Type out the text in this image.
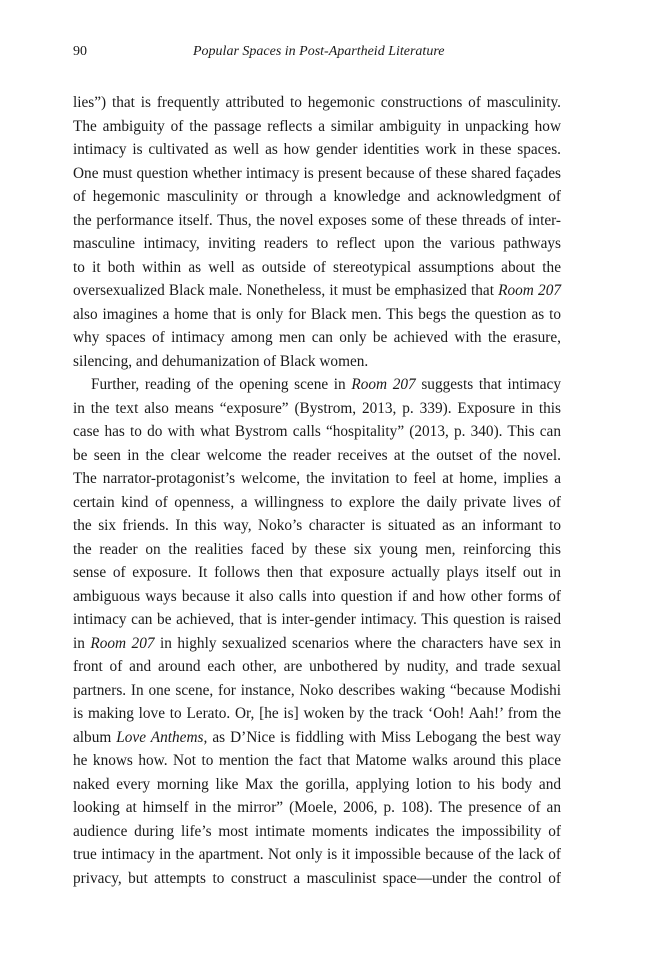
90	Popular Spaces in Post-Apartheid Literature
lies”) that is frequently attributed to hegemonic constructions of masculinity.
The ambiguity of the passage reflects a similar ambiguity in unpacking how
intimacy is cultivated as well as how gender identities work in these spaces.
One must question whether intimacy is present because of these shared façades
of hegemonic masculinity or through a knowledge and acknowledgment of
the performance itself. Thus, the novel exposes some of these threads of inter-
masculine intimacy, inviting readers to reflect upon the various pathways
to it both within as well as outside of stereotypical assumptions about the
oversexualized Black male. Nonetheless, it must be emphasized that Room 207
also imagines a home that is only for Black men. This begs the question as to
why spaces of intimacy among men can only be achieved with the erasure,
silencing, and dehumanization of Black women.
Further, reading of the opening scene in Room 207 suggests that intimacy
in the text also means “exposure” (Bystrom, 2013, p. 339). Exposure in this
case has to do with what Bystrom calls “hospitality” (2013, p. 340). This can
be seen in the clear welcome the reader receives at the outset of the novel.
The narrator-protagonist’s welcome, the invitation to feel at home, implies a
certain kind of openness, a willingness to explore the daily private lives of
the six friends. In this way, Noko’s character is situated as an informant to
the reader on the realities faced by these six young men, reinforcing this
sense of exposure. It follows then that exposure actually plays itself out in
ambiguous ways because it also calls into question if and how other forms of
intimacy can be achieved, that is inter-gender intimacy. This question is raised
in Room 207 in highly sexualized scenarios where the characters have sex in
front of and around each other, are unbothered by nudity, and trade sexual
partners. In one scene, for instance, Noko describes waking “because Modishi
is making love to Lerato. Or, [he is] woken by the track ‘Ooh! Aah!’ from the
album Love Anthems, as D’Nice is fiddling with Miss Lebogang the best way
he knows how. Not to mention the fact that Matome walks around this place
naked every morning like Max the gorilla, applying lotion to his body and
looking at himself in the mirror” (Moele, 2006, p. 108). The presence of an
audience during life’s most intimate moments indicates the impossibility of
true intimacy in the apartment. Not only is it impossible because of the lack of
privacy, but attempts to construct a masculinist space—under the control of
